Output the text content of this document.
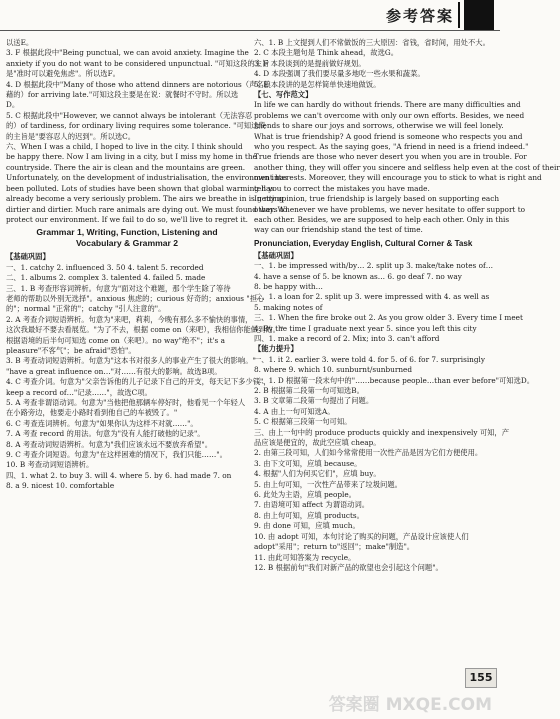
参考答案
以送E。
3. F 根据此段中"Being punctual, we can avoid anxiety. Imagine the
anxiety if you do not want to be considered unpunctual. "可知这段的主旨
是"准时可以避免焦虑"。所以选F。
4. D 根据此段中"Many of those who attend dinners are notorious（声名狼
藉的）for arriving late."可知这段主要是在说：就餐时不守时。所以选
D。
5. C 根据此段中"However, we cannot always be intolerant（无法容忍
的）of tardiness, for ordinary living requires some tolerance. "可知这段
的主旨是"要容忍人的迟到"。所以选C。
六、When I was a child, I hoped to live in the city. I think should
be happy there. Now I am living in a city, but I miss my home in the
countryside. There the air is clean and the mountains are green.
Unfortunately, on the development of industrialisation, the environment has
been polluted. Lots of studies have been shown that global warming has
already become a very seriously problem. The airs we breathe in is getting
dirtier and dirtier. Much rare animals are dying out. We must found ways to
protect our environment. If we fail to do so, we'll live to regret it.
Grammar 1, Writing, Function, Listening and
Vocabulary & Grammar 2
【基础巩固】
一、1. catchy 2. influenced 3. 50 4. talent 5. recorded
二、1. albums 2. complex 3. talented 4. failed 5. made
三、1. B 考查形容词辨析。句意为"面对这个难题，那个学生除了等待
老师的帮助以外别无选择"。anxious 焦虑的；curious 好奇的；anxious "担心
的"；normal "正常的"；catchy "引人注意的"。
2. A 考查介词短语辨析。句意为"来吧，莉莉，今晚有那么多不愉快的事情，
这次我最好不要去看展览。"为了不去，根据 come on（来吧），我相信你能做到的。"
根据语境的后半句可知选 come on（来吧）。no way"绝不"；it's a
pleasure"不客气"；be afraid"恐怕"。
3. B 考查动词短语辨析。句意为"这本书对很多人的事业产生了很大的影响。"
"have a great influence on…"对……有很大的影响。故选B项。
4. C 考查介词。句意为"父亲告诉他的儿子记录下自己的开支，每天记下多少钱"，
keep a record of…"记录……"，故选C项。
5. A 考查非谓语动词。句意为"当他把他那辆车停好时，他看见一个年轻人
在小路旁边，他要走小路时看到他自己的车被毁了。"
6. C 考查连词辨析。句意为"如果你认为这样不对就……"。
7. A 考查 record 的用法。句意为"没有人能打破他的记录"。
8. A 考查动词短语辨析。句意为"我们应该永远不要放弃希望"。
9. C 考查介词短语。句意为"在这样困难的情况下，我们只能……"。
10. B 考查动词短语辨析。
四、1. what 2. to buy 3. will 4. where 5. by 6. had made 7. on
8. a 9. nicest 10. comfortable
六、1. B 上文提到人们不常做饭的三大原因：省钱，省时间，用处不大。
2. C 本段主题句是 Think ahead，故选G。
3. F 本段谈到的是提前做好规划。
4. D 本段强调了我们要尽量多地吃一些水果和蔬菜。
5. E 本段讲的是怎样简单快速地做饭。
【七、写作范文】
In life we can hardly do without friends. There are many difficulties and
problems we can't overcome with only our own efforts. Besides, we need
friends to share our joys and sorrows, otherwise we will feel lonely.
What is true friendship? A good friend is someone who respects you and
who you respect. As the saying goes, "A friend in need is a friend indeed."
True friends are those who never desert you when you are in trouble. For
another thing, they will offer you sincere and selfless help even at the cost of their
own interests. Moreover, they will encourage you to stick to what is right and
tell you to correct the mistakes you have made.
In my opinion, true friendship is largely based on supporting each
other. Whenever we have problems, we never hesitate to offer support to
each other. Besides, we are supposed to help each other. Only in this
way can our friendship stand the test of time.
Pronunciation, Everyday English, Cultural Corner & Task
【基础巩固】
一、1. be impressed with/by… 2. split up 3. make/take notes of…
4. have a sense of 5. be known as… 6. go deaf 7. no way
8. be happy with…
二、1. a loan for 2. split up 3. were impressed with 4. as well as
5. making notes of
三、1. When the fire broke out 2. As you grow older 3. Every time I meet
4. By the time I graduate next year 5. since you left this city
四、1. make a record of 2. Mix; into 3. can't afford
【能力提升】
一、1. it 2. earlier 3. were told 4. for 5. of 6. for 7. surprisingly
8. where 9. which 10. sunburnt/sunburned
二、1. D 根据第一段末句中的"……because people…than ever before"可知选D。
2. B 根据第二段第一句可知选B。
3. B 文章第二段第一句提出了问题。
4. A 由上一句可知选A。
5. C 根据第三段第一句可知。
三、由上一句中的 produce products quickly and inexpensively 可知，产
品应该是便宜的，故此空应填 cheap。
2. 由第三段可知，人们如今常常使用一次性产品是因为它们方便使用。
3. 由下文可知，应填 because。
4. 根据"人们为何买它们"，应填 buy。
5. 由上句可知，一次性产品带来了垃圾问题。
6. 此处为主语，应填 people。
7. 由语境可知 affect 为谓语动词。
8. 由上句可知，应填 products。
9. 由 done 可知，应填 much。
10. 由 adopt 可知，本句讨论了购买的问题，产品设计应该使人们
adopt"采用"；return to"返回"；make"制造"。
11. 由此可知答案为 recycle。
12. B 根据前句"我们对新产品的欲望也会引起这个问题"。
155
答案圈 MXQE.COM
